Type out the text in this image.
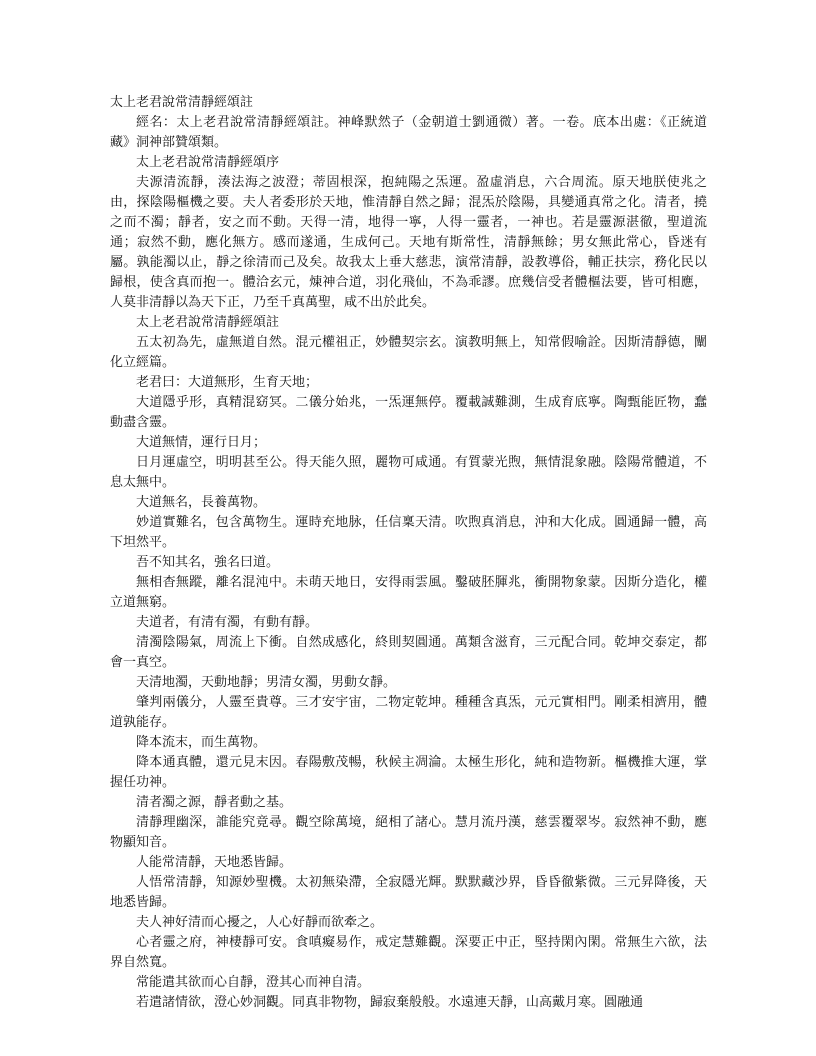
太上老君說常清靜經頌註

經名：太上老君說常清靜經頌註。神峰默然子（金朝道士劉通微）著。一卷。底本出處：《正統道藏》洞神部贊頌類。

太上老君說常清靜經頌序

夫源清流靜，湊法海之波澄；蒂固根深，抱純陽之炁運。盈虛消息，六合周流。原天地朕使兆之由，探陰陽樞機之要。夫人者委形於天地，惟清靜自然之歸；混炁於陰陽，具變通真常之化。清者，撓之而不濁；靜者，安之而不動。天得一清，地得一寧，人得一靈者，一神也。若是靈源湛徹，聖道流通；寂然不動，應化無方。感而遂通，生成何己。天地有斯常性，清靜無餘；男女無此常心，昏迷有屬。孰能濁以止，靜之徐清而己及矣。故我太上垂大慈悲，演常清靜，設教導俗，輔正扶宗，務化民以歸根，使含真而抱一。體洽玄元，煉神合道，羽化飛仙，不為乖謬。庶幾信受者體樞法要，皆可相應，人莫非清靜以為天下正，乃至千真萬聖，咸不出於此矣。

太上老君說常清靜經頌註

五太初為先，虛無道自然。混元權祖正，妙體契宗玄。演教明無上，知常假喻詮。因斯清靜德，闡化立經篇。

老君曰：大道無形，生育天地；

大道隱乎形，真精混窈冥。二儀分始兆，一炁運無停。覆載誠難測，生成育底寧。陶甄能匠物，蠢動盡含靈。

大道無情，運行日月；

日月運虛空，明明甚至公。得天能久照，麗物可咸通。有質蒙光煦，無情混象融。陰陽常體道，不息太無中。

大道無名，長養萬物。

妙道實難名，包含萬物生。運時充地脉，任信稟天清。吹煦真消息，沖和大化成。圓通歸一體，高下坦然平。

吾不知其名，強名曰道。

無相杳無蹤，離名混沌中。未萌天地日，安得雨雲風。鑿破胚腪兆，衝開物象蒙。因斯分造化，權立道無窮。

夫道者，有清有濁，有動有靜。

清濁陰陽氣，周流上下衝。自然成感化，終則契圓通。萬類含滋育，三元配合同。乾坤交泰定，都會一真空。

天清地濁，天動地靜；男清女濁，男動女靜。

肇判兩儀分，人靈至貴尊。三才安宇宙，二物定乾坤。種種含真炁，元元實相門。剛柔相濟用，體道孰能存。

降本流末，而生萬物。

降本通真體，還元見末因。春陽敷茂暢，秋候主凋淪。太極生形化，純和造物新。樞機推大運，掌握任功神。

清者濁之源，靜者動之基。

清靜理幽深，誰能究竟尋。觀空除萬境，絕相了諸心。慧月流丹漢，慈雲覆翠岑。寂然神不動，應物顯知音。

人能常清靜，天地悉皆歸。

人悟常清靜，知源妙聖機。太初無染滯，全寂隱光輝。默默藏沙界，昏昏徹紫微。三元昇降後，天地悉皆歸。

夫人神好清而心擾之，人心好靜而欲牽之。

心者靈之府，神棲靜可安。食嗔癡易作，戒定慧難觀。深要正中正，堅持閑內閑。常無生六欲，法界自然寬。

常能遣其欲而心自靜，澄其心而神自清。

若遣諸情欲，澄心妙洞觀。同真非物物，歸寂棄般般。水遠連天靜，山高戴月寒。圓融通
